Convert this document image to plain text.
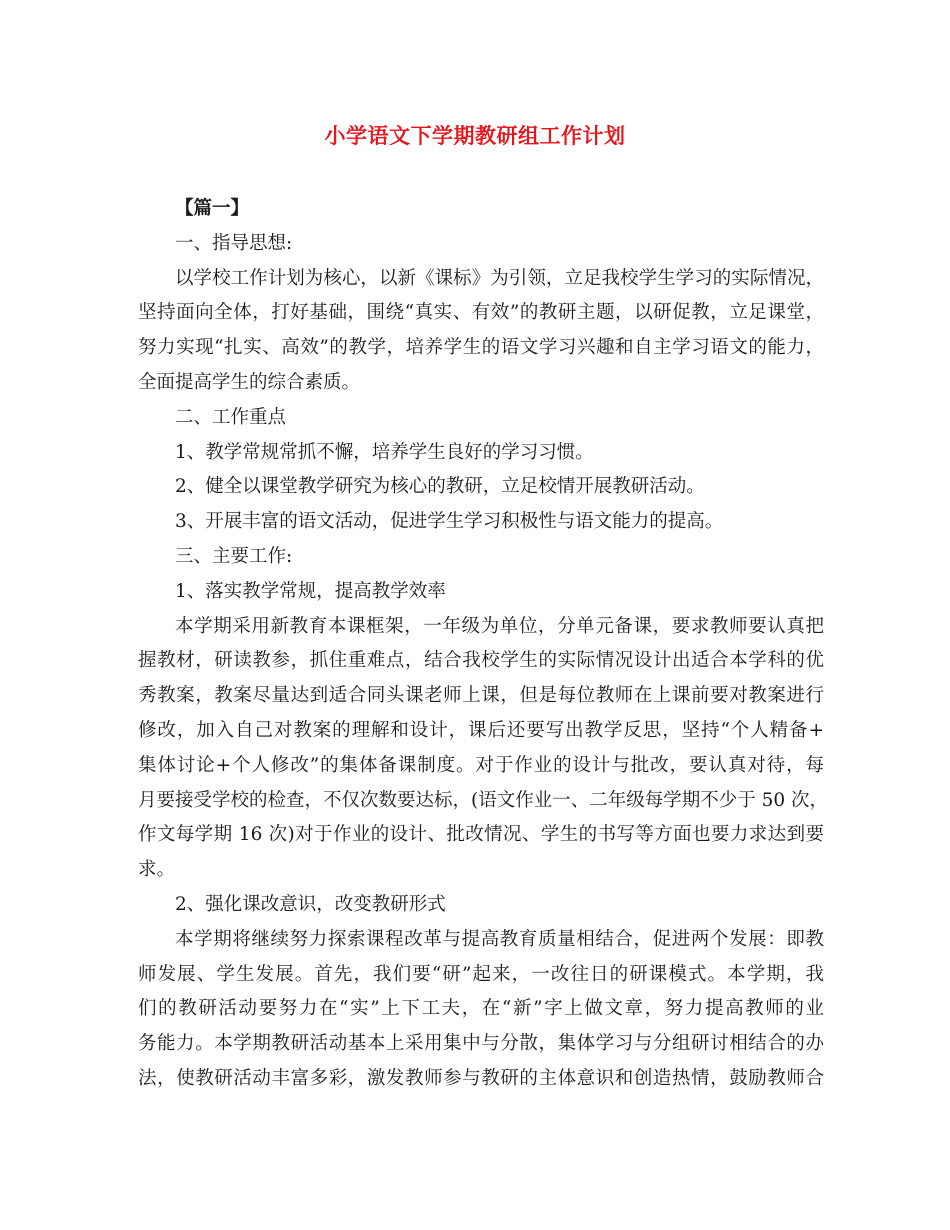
小学语文下学期教研组工作计划
【篇一】
一、指导思想:
以学校工作计划为核心，以新《课标》为引领，立足我校学生学习的实际情况，
坚持面向全体，打好基础，围绕“真实、有效”的教研主题，以研促教，立足课堂，
努力实现“扎实、高效”的教学，培养学生的语文学习兴趣和自主学习语文的能力，
全面提高学生的综合素质。
二、工作重点
1、教学常规常抓不懈，培养学生良好的学习习惯。
2、健全以课堂教学研究为核心的教研，立足校情开展教研活动。
3、开展丰富的语文活动，促进学生学习积极性与语文能力的提高。
三、主要工作:
1、落实教学常规，提高教学效率
本学期采用新教育本课框架，一年级为单位，分单元备课，要求教师要认真把
握教材，研读教参，抓住重难点，结合我校学生的实际情况设计出适合本学科的优
秀教案，教案尽量达到适合同头课老师上课，但是每位教师在上课前要对教案进行
修改，加入自己对教案的理解和设计，课后还要写出教学反思，坚持“个人精备+
集体讨论+个人修改”的集体备课制度。对于作业的设计与批改，要认真对待，每
月要接受学校的检查，不仅次数要达标，(语文作业一、二年级每学期不少于 50 次，
作文每学期 16 次)对于作业的设计、批改情况、学生的书写等方面也要力求达到要
求。
2、强化课改意识，改变教研形式
本学期将继续努力探索课程改革与提高教育质量相结合，促进两个发展：即教
师发展、学生发展。首先，我们要“研”起来，一改往日的研课模式。本学期，我
们的教研活动要努力在“实”上下工夫，在“新”字上做文章，努力提高教师的业
务能力。本学期教研活动基本上采用集中与分散，集体学习与分组研讨相结合的办
法，使教研活动丰富多彩，激发教师参与教研的主体意识和创造热情，鼓励教师合
